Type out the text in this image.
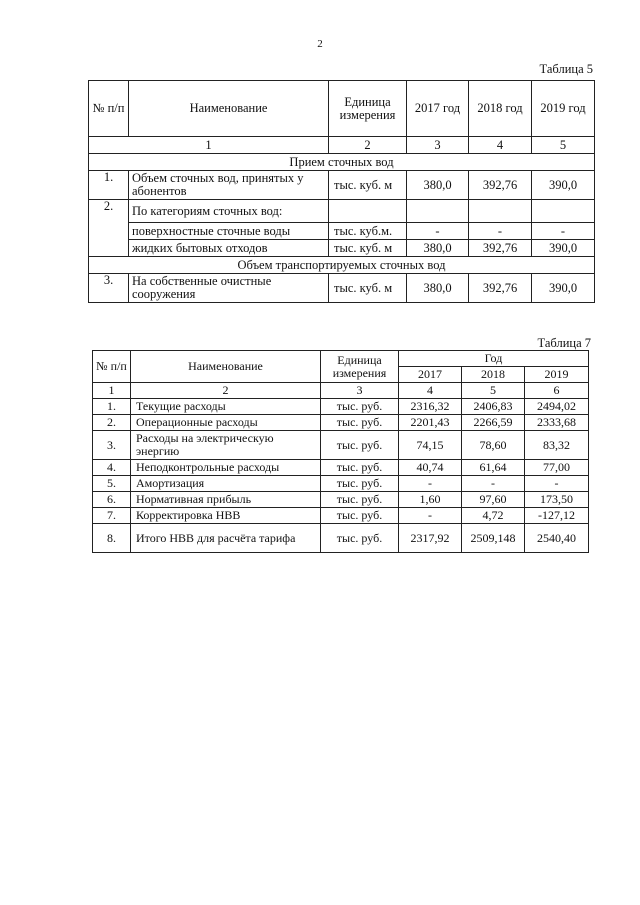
2
Таблица 5
№ п/п	Наименование	Единица измерения	2017 год	2018 год	2019 год
1		2	3	4	5
Прием сточных вод					
1.	Объем сточных вод, принятых у абонентов	тыс. куб. м	380,0	392,76	390,0
2.	По категориям сточных вод:				
	поверхностные сточные воды	тыс. куб.м.	-	-	-
	жидких бытовых отходов	тыс. куб. м	380,0	392,76	390,0
Объем транспортируемых сточных вод					
3.	На собственные очистные сооружения	тыс. куб. м	380,0	392,76	390,0
Таблица 7
№ п/п	Наименование	Единица измерения	Год		
			2017	2018	2019
1	2	3	4	5	6
1.	Текущие расходы	тыс. руб.	2316,32	2406,83	2494,02
2.	Операционные расходы	тыс. руб.	2201,43	2266,59	2333,68
3.	Расходы на электрическую энергию	тыс. руб.	74,15	78,60	83,32
4.	Неподконтрольные расходы	тыс. руб.	40,74	61,64	77,00
5.	Амортизация	тыс. руб.	-	-	-
6.	Нормативная прибыль	тыс. руб.	1,60	97,60	173,50
7.	Корректировка НВВ	тыс. руб.	-	4,72	-127,12
8.	Итого НВВ для расчёта тарифа	тыс. руб.	2317,92	2509,148	2540,40
